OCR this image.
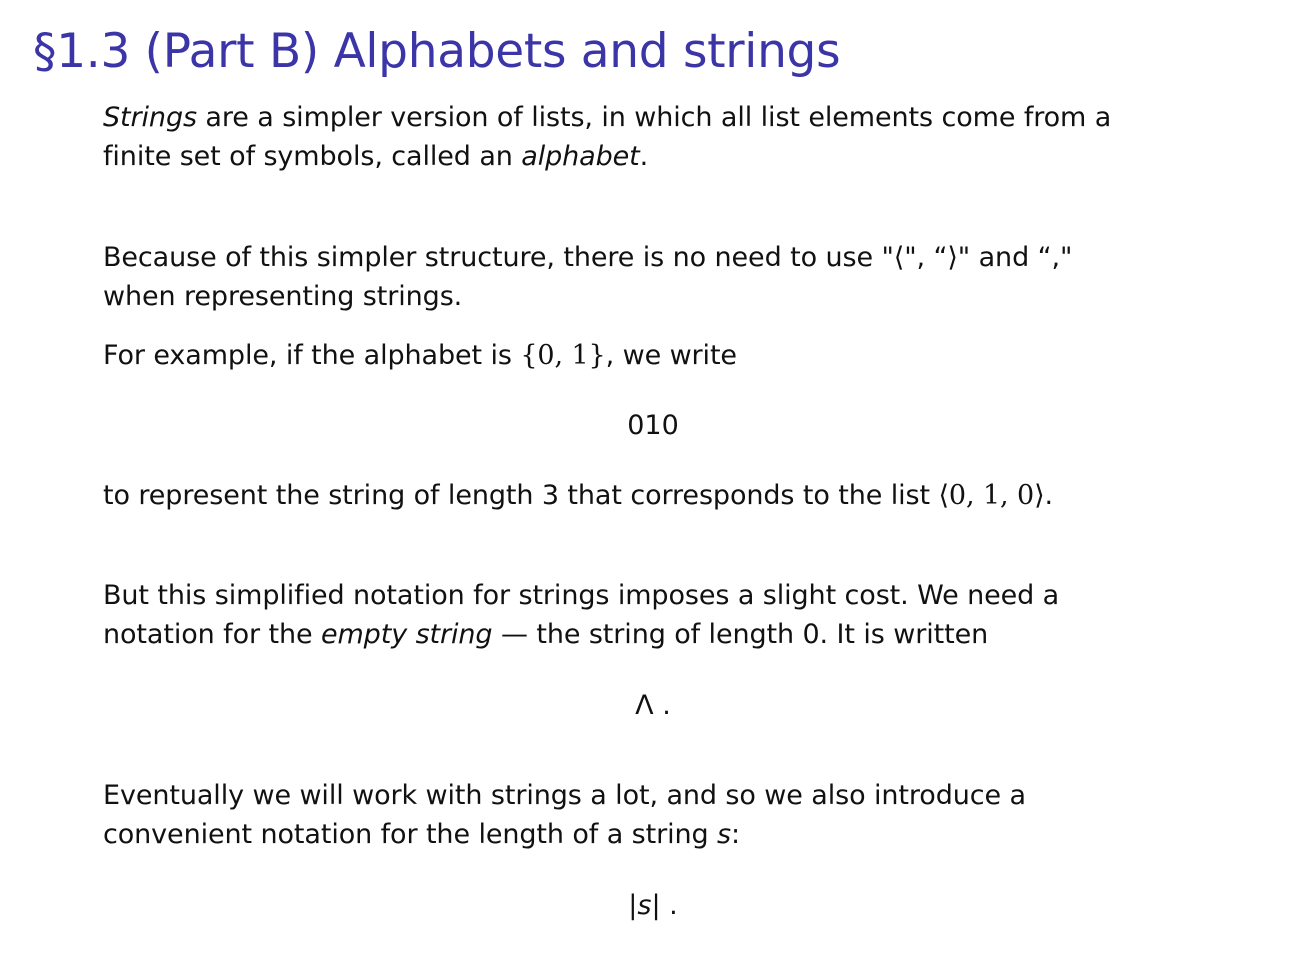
§1.3 (Part B) Alphabets and strings
Strings are a simpler version of lists, in which all list elements come from a
finite set of symbols, called an alphabet.
Because of this simpler structure, there is no need to use "⟨", “⟩" and “,"
when representing strings.
For example, if the alphabet is {0, 1}, we write
010
to represent the string of length 3 that corresponds to the list ⟨0, 1, 0⟩.
But this simplified notation for strings imposes a slight cost. We need a
notation for the empty string — the string of length 0. It is written
Λ .
Eventually we will work with strings a lot, and so we also introduce a
convenient notation for the length of a string s:
|s| .
